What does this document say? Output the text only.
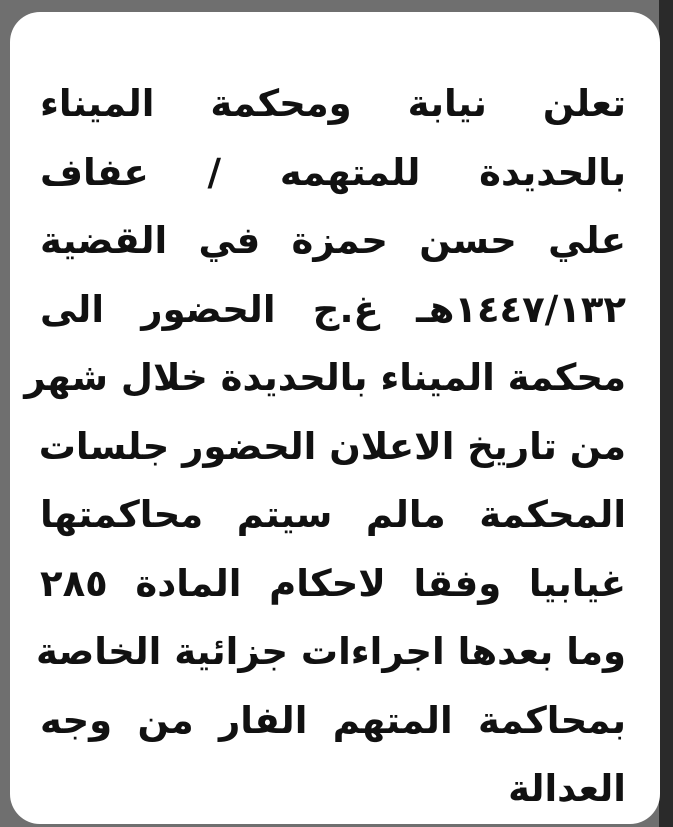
تعلن نيابة ومحكمة الميناء
بالحديدة للمتهمه / عفاف
علي حسن حمزة في القضية
١٤٤٧/١٣٢هـ غ.ج الحضور الى
محكمة الميناء بالحديدة خلال شهر
من تاريخ الاعلان الحضور جلسات
المحكمة مالم سيتم محاكمتها
غيابيا وفقا لاحكام المادة ٢٨٥
وما بعدها اجراءات جزائية الخاصة
بمحاكمة المتهم الفار من وجه
العدالة
